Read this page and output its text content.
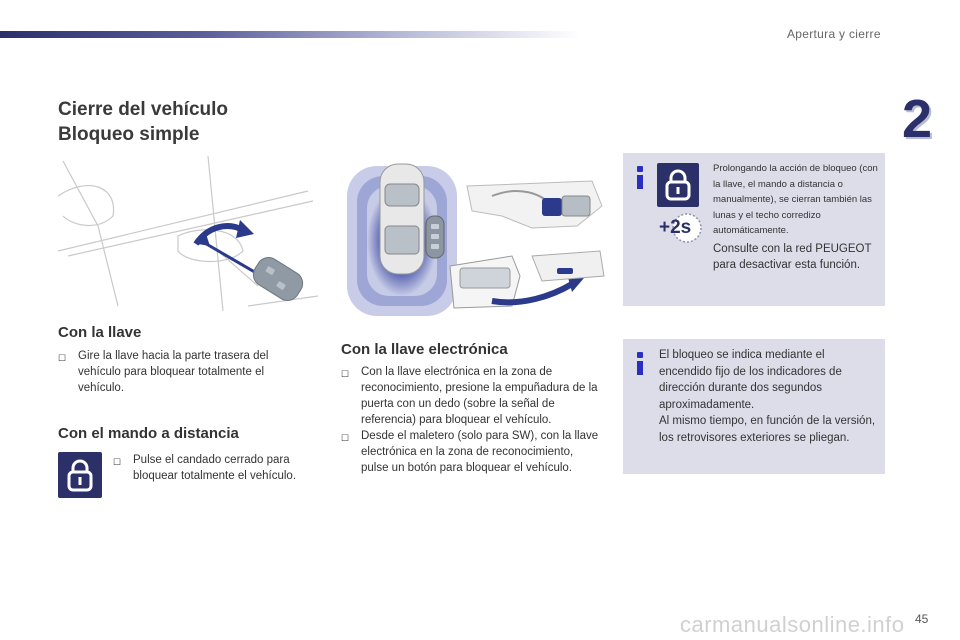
Apertura y cierre
2
Cierre del vehículo
Bloqueo simple
Con la llave
☐	Gire la llave hacia la parte trasera del vehículo para bloquear totalmente el vehículo.
Con el mando a distancia
☐	Pulse el candado cerrado para bloquear totalmente el vehículo.
Con la llave electrónica
☐	Con la llave electrónica en la zona de reconocimiento, presione la empuñadura de la puerta con un dedo (sobre la señal de referencia) para bloquear el vehículo.
☐	Desde el maletero (solo para SW), con la llave electrónica en la zona de reconocimiento, pulse un botón para bloquear el vehículo.
+2s
Prolongando la acción de bloqueo (con la llave, el mando a distancia o manualmente), se cierran también las lunas y el techo corredizo automáticamente.
Consulte con la red PEUGEOT para desactivar esta función.
El bloqueo se indica mediante el encendido fijo de los indicadores de dirección durante dos segundos aproximadamente.
Al mismo tiempo, en función de la versión, los retrovisores exteriores se pliegan.
carmanualsonline.info 45
